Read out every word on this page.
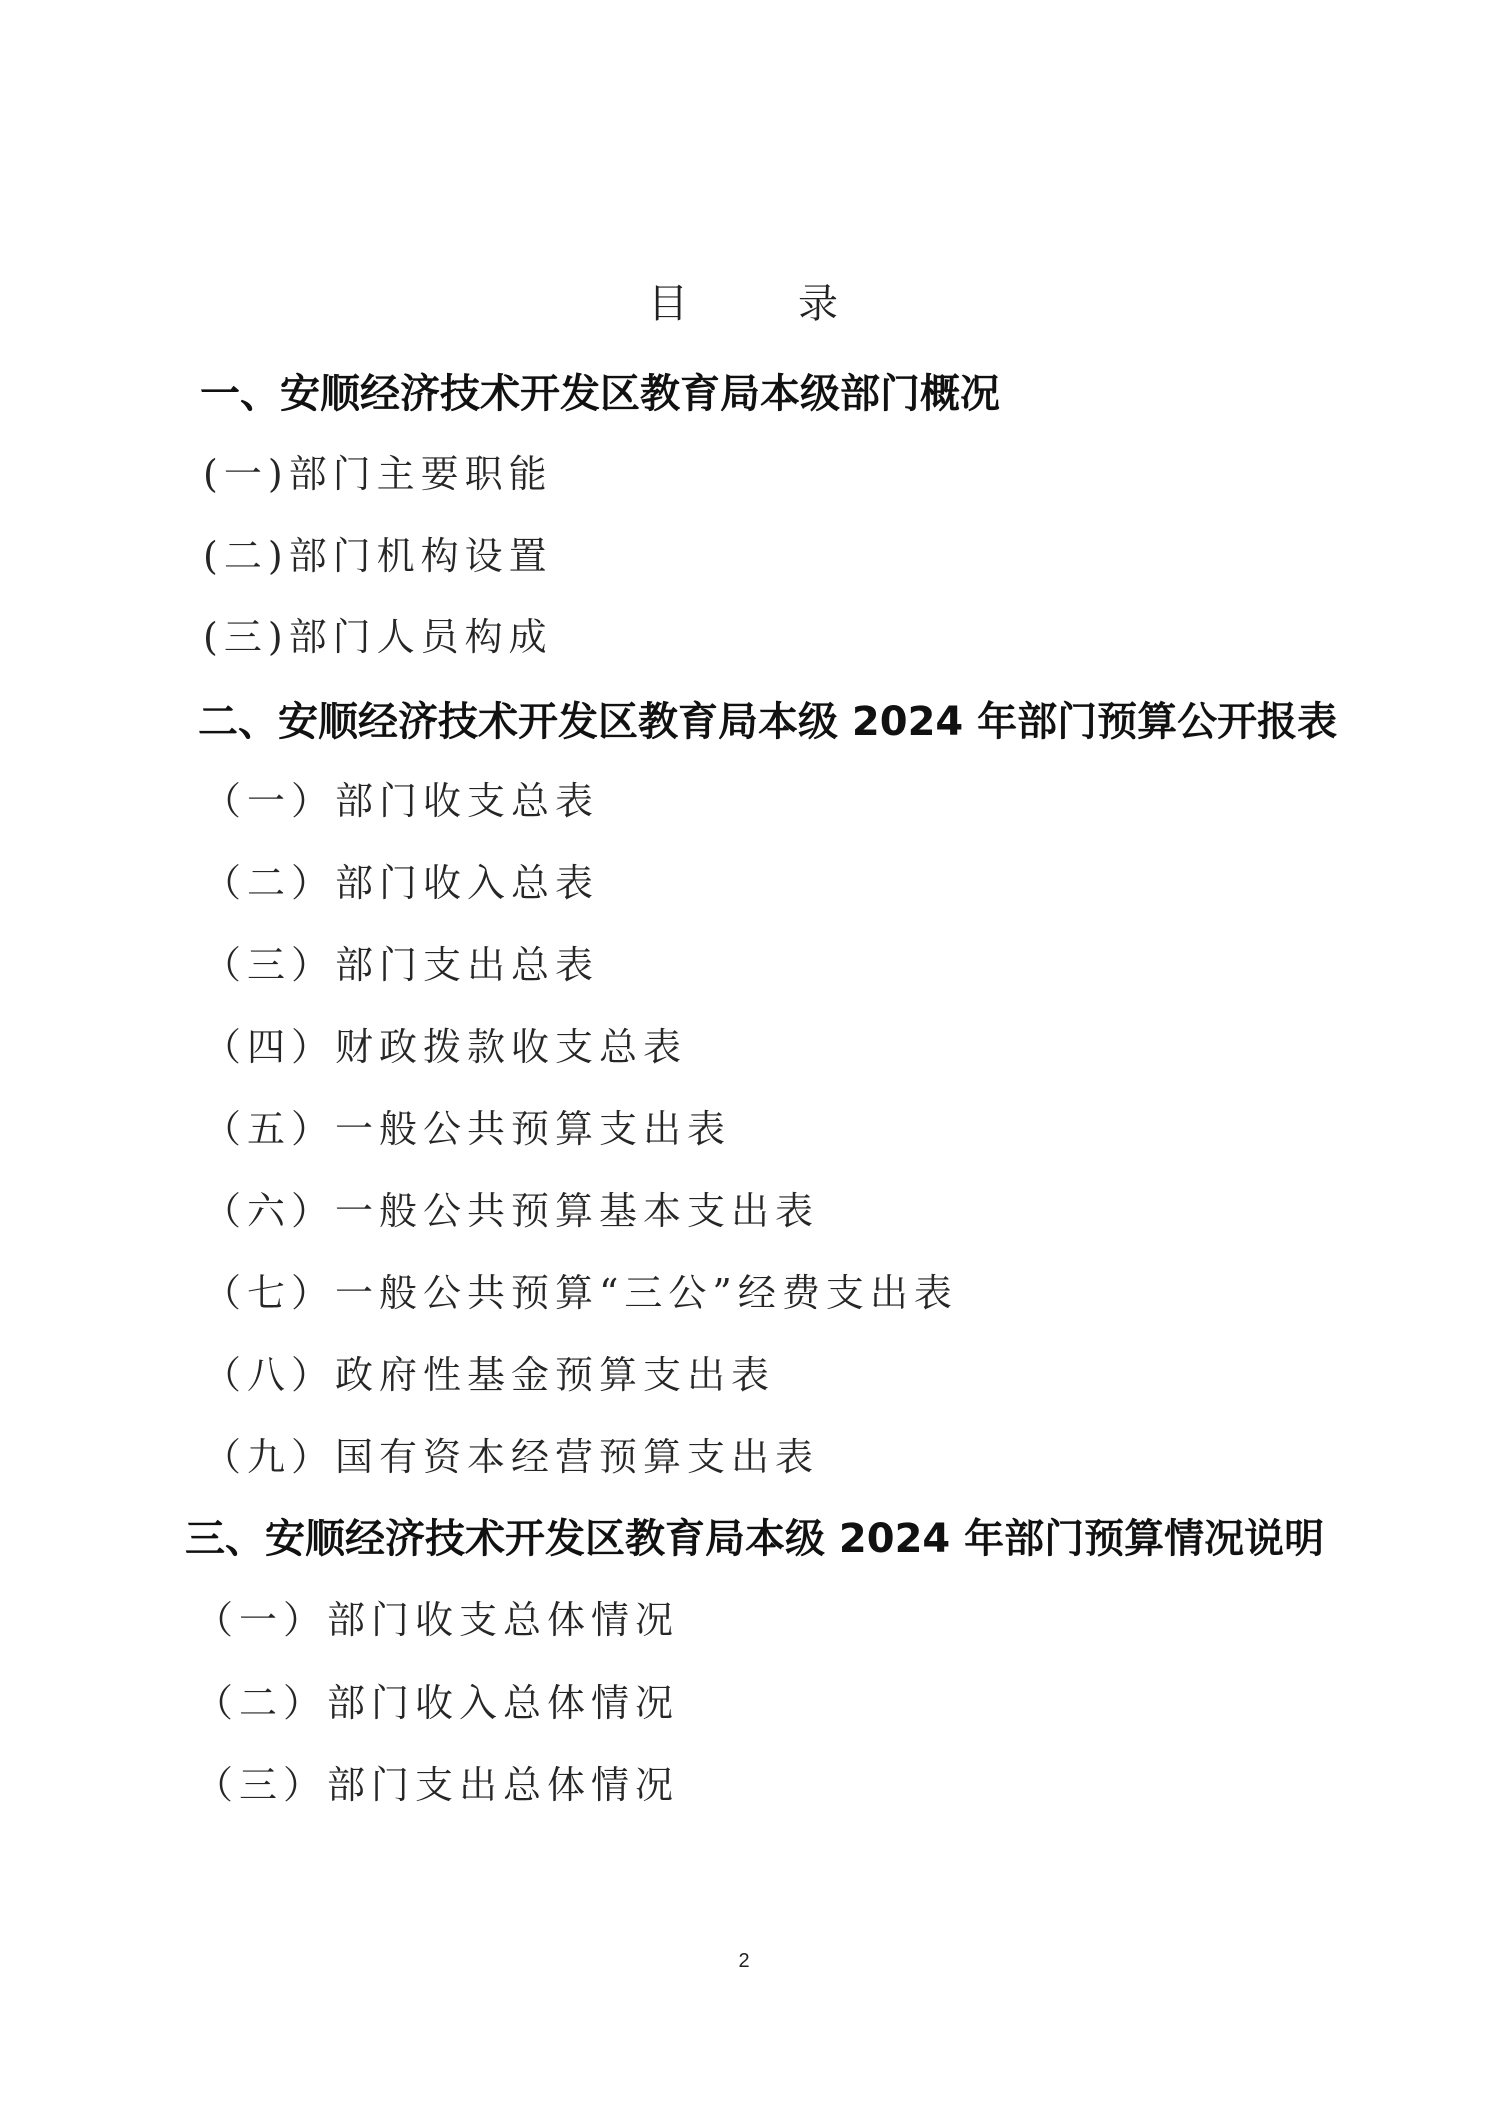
目	录
一、安顺经济技术开发区教育局本级部门概况
(一)部门主要职能
(二)部门机构设置
(三)部门人员构成
二、安顺经济技术开发区教育局本级 2024 年部门预算公开报表
（一）部门收支总表
（二）部门收入总表
（三）部门支出总表
（四）财政拨款收支总表
（五）一般公共预算支出表
（六）一般公共预算基本支出表
（七）一般公共预算“三公”经费支出表
（八）政府性基金预算支出表
（九）国有资本经营预算支出表
三、安顺经济技术开发区教育局本级 2024 年部门预算情况说明
（一）部门收支总体情况
（二）部门收入总体情况
（三）部门支出总体情况
2
